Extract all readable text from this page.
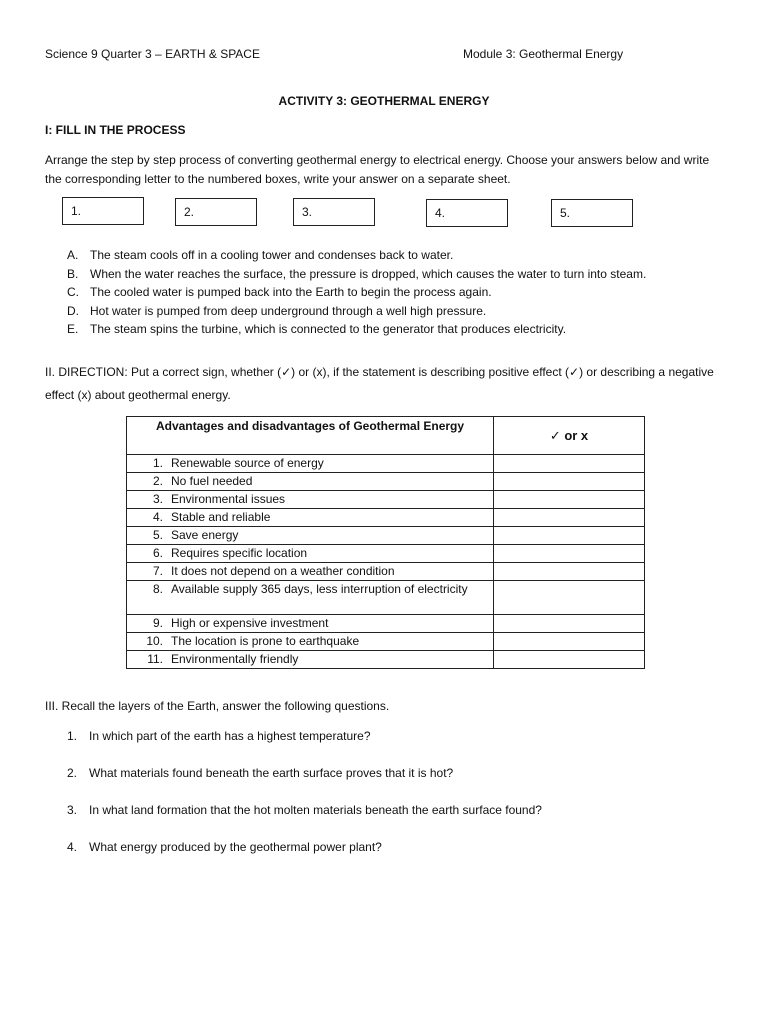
Science 9 Quarter 3 – EARTH & SPACE	Module 3: Geothermal Energy
ACTIVITY 3: GEOTHERMAL ENERGY
I: FILL IN THE PROCESS
Arrange the step by step process of converting geothermal energy to electrical energy. Choose your answers below and write the corresponding letter to the numbered boxes, write your answer on a separate sheet.
1.	2.	3.	4.	5.
A. The steam cools off in a cooling tower and condenses back to water.
B. When the water reaches the surface, the pressure is dropped, which causes the water to turn into steam.
C. The cooled water is pumped back into the Earth to begin the process again.
D. Hot water is pumped from deep underground through a well high pressure.
E. The steam spins the turbine, which is connected to the generator that produces electricity.
II. DIRECTION: Put a correct sign, whether (✓) or (x), if the statement is describing positive effect (✓) or describing a negative effect (x) about geothermal energy.
Advantages and disadvantages of Geothermal Energy	✓ or x

1. Renewable source of energy	

2. No fuel needed	

3. Environmental issues	

4. Stable and reliable	

5. Save energy	

6. Requires specific location	

7. It does not depend on a weather condition	

8. Available supply 365 days, less interruption of electricity	

9. High or expensive investment	

10. The location is prone to earthquake	

11. Environmentally friendly	

III. Recall the layers of the Earth, answer the following questions.
1. In which part of the earth has a highest temperature?
2. What materials found beneath the earth surface proves that it is hot?
3. In what land formation that the hot molten materials beneath the earth surface found?
4. What energy produced by the geothermal power plant?
